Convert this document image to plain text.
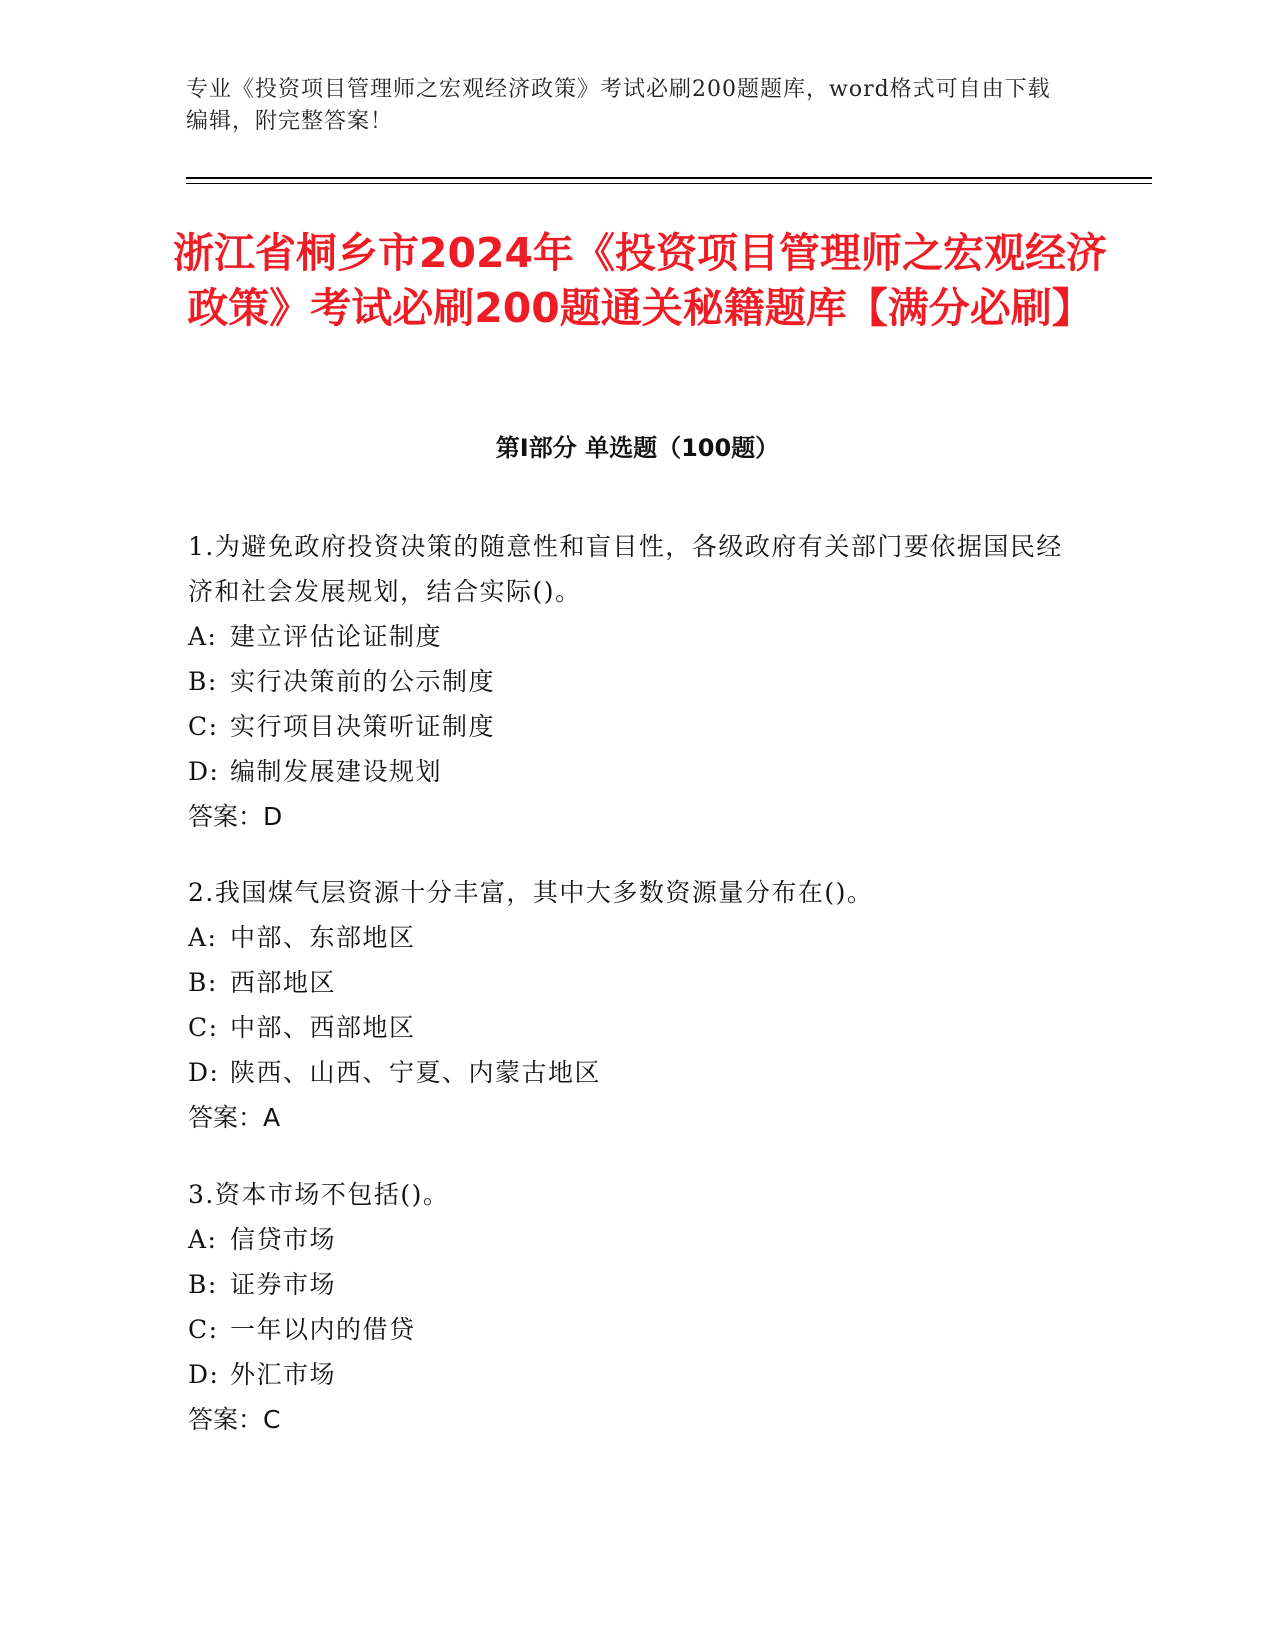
专业《投资项目管理师之宏观经济政策》考试必刷200题题库，word格式可自由下载编辑，附完整答案！
浙江省桐乡市2024年《投资项目管理师之宏观经济政策》考试必刷200题通关秘籍题库【满分必刷】
第I部分 单选题（100题）
1.为避免政府投资决策的随意性和盲目性，各级政府有关部门要依据国民经济和社会发展规划，结合实际()。
A: 建立评估论证制度
B: 实行决策前的公示制度
C: 实行项目决策听证制度
D: 编制发展建设规划
答案：D
2.我国煤气层资源十分丰富，其中大多数资源量分布在()。
A: 中部、东部地区
B: 西部地区
C: 中部、西部地区
D: 陕西、山西、宁夏、内蒙古地区
答案：A
3.资本市场不包括()。
A: 信贷市场
B: 证券市场
C: 一年以内的借贷
D: 外汇市场
答案：C
